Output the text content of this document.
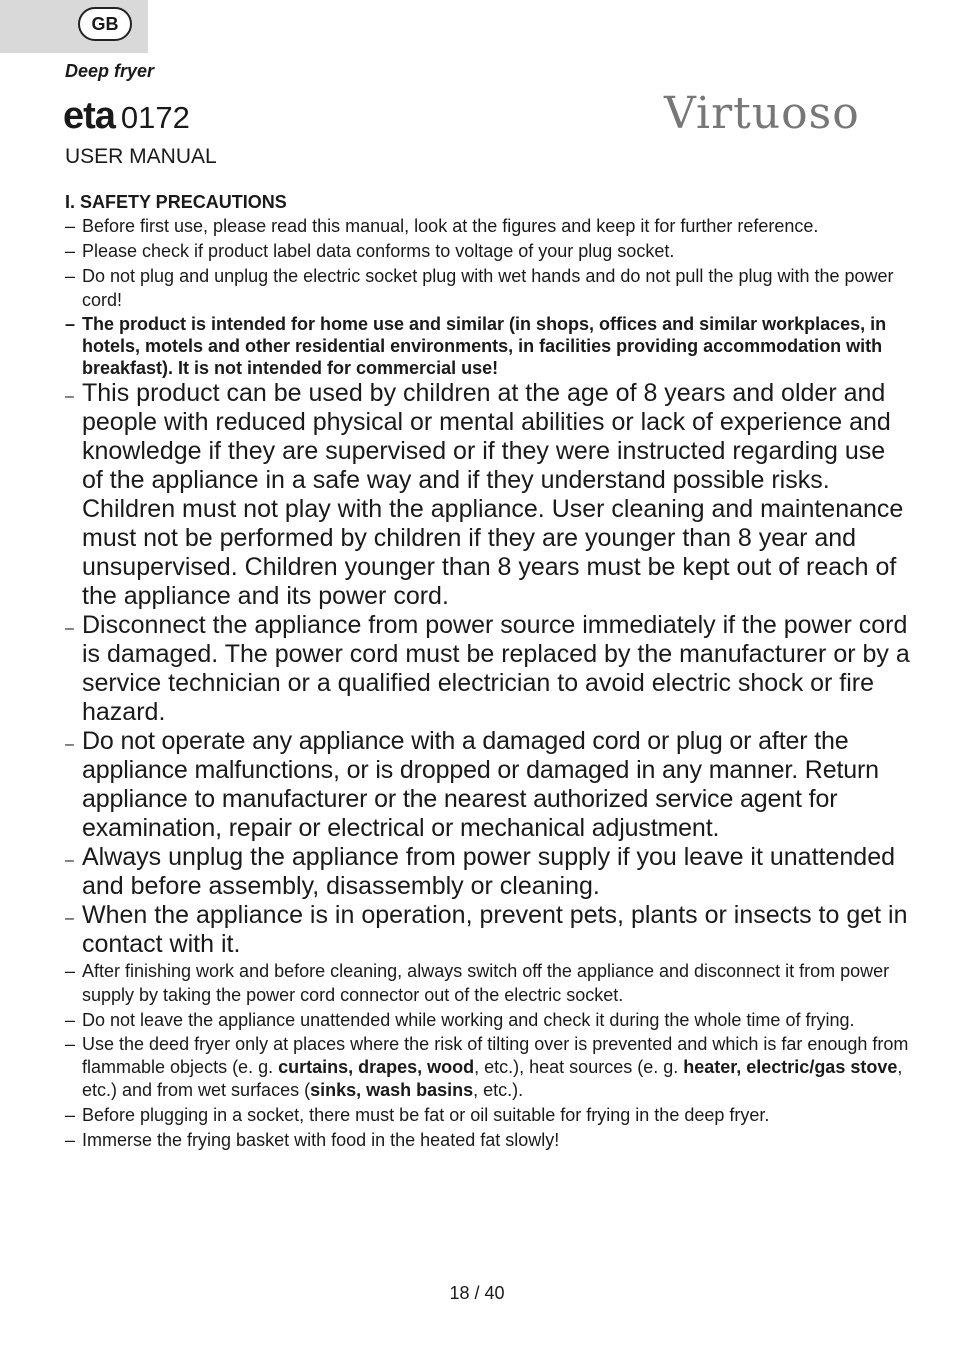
GB
Deep fryer
eta 0172
USER MANUAL
Virtuoso
I. SAFETY PRECAUTIONS
– Before first use, please read this manual, look at the figures and keep it for further reference.
– Please check if product label data conforms to voltage of your plug socket.
– Do not plug and unplug the electric socket plug with wet hands and do not pull the plug with the power cord!
– The product is intended for home use and similar (in shops, offices and similar workplaces, in hotels, motels and other residential environments, in facilities providing accommodation with breakfast). It is not intended for commercial use!
– This product can be used by children at the age of 8 years and older and people with reduced physical or mental abilities or lack of experience and knowledge if they are supervised or if they were instructed regarding use of the appliance in a safe way and if they understand possible risks. Children must not play with the appliance. User cleaning and maintenance must not be performed by children if they are younger than 8 year and unsupervised. Children younger than 8 years must be kept out of reach of the appliance and its power cord.
– Disconnect the appliance from power source immediately if the power cord is damaged. The power cord must be replaced by the manufacturer or by a service technician or a qualified electrician to avoid electric shock or fire hazard.
– Do not operate any appliance with a damaged cord or plug or after the appliance malfunctions, or is dropped or damaged in any manner. Return appliance to manufacturer or the nearest authorized service agent for examination, repair or electrical or mechanical adjustment.
– Always unplug the appliance from power supply if you leave it unattended and before assembly, disassembly or cleaning.
– When the appliance is in operation, prevent pets, plants or insects to get in contact with it.
– After finishing work and before cleaning, always switch off the appliance and disconnect it from power supply by taking the power cord connector out of the electric socket.
– Do not leave the appliance unattended while working and check it during the whole time of frying.
– Use the deed fryer only at places where the risk of tilting over is prevented and which is far enough from flammable objects (e. g. curtains, drapes, wood, etc.), heat sources (e. g. heater, electric/gas stove, etc.) and from wet surfaces (sinks, wash basins, etc.).
– Before plugging in a socket, there must be fat or oil suitable for frying in the deep fryer.
– Immerse the frying basket with food in the heated fat slowly!
18 / 40
